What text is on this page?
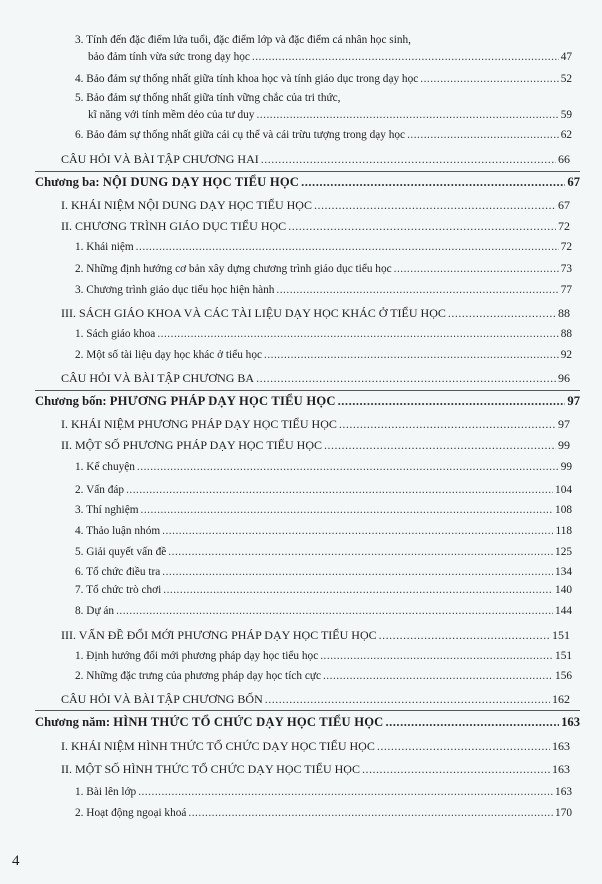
3. Tính đến đặc điểm lứa tuổi, đặc điểm lớp và đặc điểm cá nhân học sinh,
bảo đảm tính vừa sức trong dạy học .....	47
4. Bảo đảm sự thống nhất giữa tính khoa học và tính giáo dục trong dạy học .....	52
5. Bảo đảm sự thống nhất giữa tính vững chắc của tri thức,
kĩ năng với tính mềm dẻo của tư duy .....	59
6. Bảo đảm sự thống nhất giữa cái cụ thể và cái trừu tượng trong dạy học .....	62
CÂU HỎI VÀ BÀI TẬP CHƯƠNG HAI .....	66
Chương ba: NỘI DUNG DẠY HỌC TIỂU HỌC .....	67
I. KHÁI NIỆM NỘI DUNG DẠY HỌC TIỂU HỌC .....	67
II. CHƯƠNG TRÌNH GIÁO DỤC TIỂU HỌC .....	72
1. Khái niệm .....	72
2. Những định hướng cơ bản xây dựng chương trình giáo dục tiểu học .....	73
3. Chương trình giáo dục tiểu học hiện hành .....	77
III. SÁCH GIÁO KHOA VÀ CÁC TÀI LIỆU DẠY HỌC KHÁC Ở TIỂU HỌC .....	88
1. Sách giáo khoa .....	88
2. Một số tài liệu dạy học khác ở tiểu học .....	92
CÂU HỎI VÀ BÀI TẬP CHƯƠNG BA .....	96
Chương bốn: PHƯƠNG PHÁP DẠY HỌC TIỂU HỌC .....	97
I. KHÁI NIỆM PHƯƠNG PHÁP DẠY HỌC TIỂU HỌC .....	97
II. MỘT SỐ PHƯƠNG PHÁP DẠY HỌC TIỂU HỌC .....	99
1. Kể chuyện .....	99
2. Vấn đáp .....	104
3. Thí nghiệm .....	108
4. Thảo luận nhóm .....	118
5. Giải quyết vấn đề .....	125
6. Tổ chức điều tra .....	134
7. Tổ chức trò chơi .....	140
8. Dự án .....	144
III. VẤN ĐỀ ĐỔI MỚI PHƯƠNG PHÁP DẠY HỌC TIỂU HỌC .....	151
1. Định hướng đổi mới phương pháp dạy học tiểu học .....	151
2. Những đặc trưng của phương pháp dạy học tích cực .....	156
CÂU HỎI VÀ BÀI TẬP CHƯƠNG BỐN .....	162
Chương năm: HÌNH THỨC TỔ CHỨC DẠY HỌC TIỂU HỌC .....	163
I. KHÁI NIỆM HÌNH THỨC TỔ CHỨC DẠY HỌC TIỂU HỌC .....	163
II. MỘT SỐ HÌNH THỨC TỔ CHỨC DẠY HỌC TIỂU HỌC .....	163
1. Bài lên lớp .....	163
2. Hoạt động ngoại khoá .....	170
4
